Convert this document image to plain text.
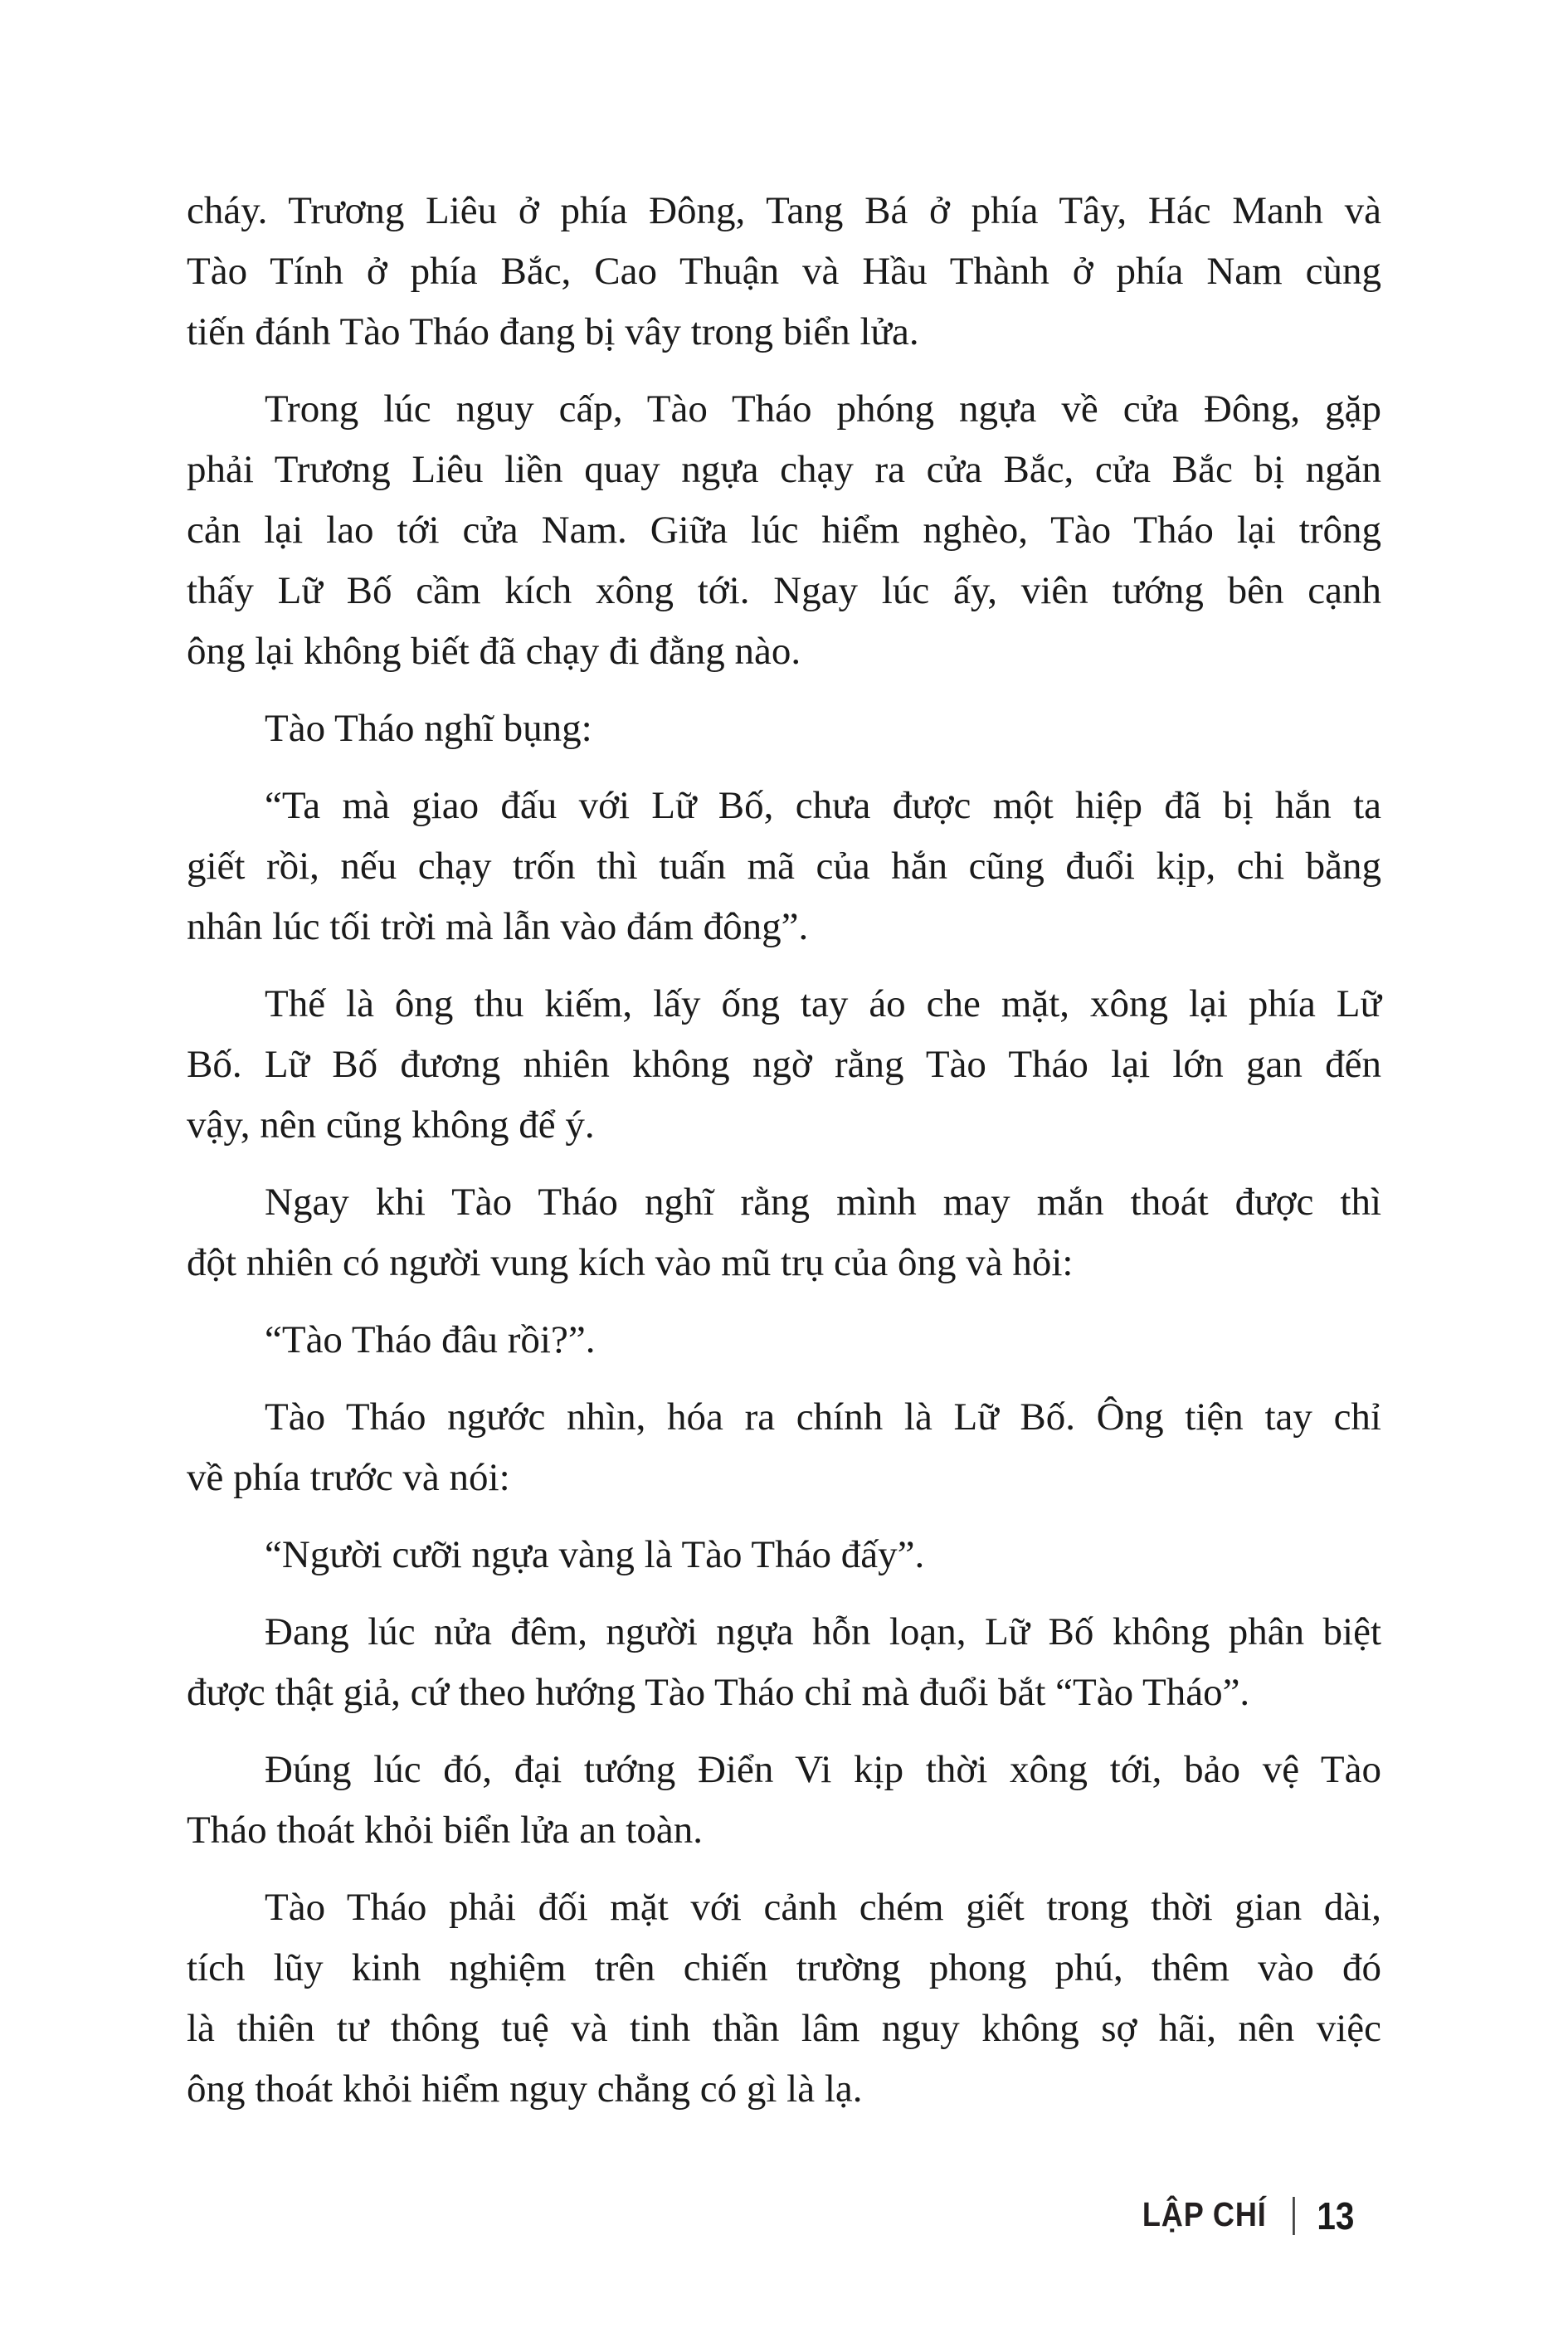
cháy. Trương Liêu ở phía Đông, Tang Bá ở phía Tây, Hác Manh và
Tào Tính ở phía Bắc, Cao Thuận và Hầu Thành ở phía Nam cùng
tiến đánh Tào Tháo đang bị vây trong biển lửa.

Trong lúc nguy cấp, Tào Tháo phóng ngựa về cửa Đông, gặp
phải Trương Liêu liền quay ngựa chạy ra cửa Bắc, cửa Bắc bị ngăn
cản lại lao tới cửa Nam. Giữa lúc hiểm nghèo, Tào Tháo lại trông
thấy Lữ Bố cầm kích xông tới. Ngay lúc ấy, viên tướng bên cạnh
ông lại không biết đã chạy đi đằng nào.

Tào Tháo nghĩ bụng:

“Ta mà giao đấu với Lữ Bố, chưa được một hiệp đã bị hắn ta
giết rồi, nếu chạy trốn thì tuấn mã của hắn cũng đuổi kịp, chi bằng
nhân lúc tối trời mà lẫn vào đám đông”.

Thế là ông thu kiếm, lấy ống tay áo che mặt, xông lại phía Lữ
Bố. Lữ Bố đương nhiên không ngờ rằng Tào Tháo lại lớn gan đến
vậy, nên cũng không để ý.

Ngay khi Tào Tháo nghĩ rằng mình may mắn thoát được thì
đột nhiên có người vung kích vào mũ trụ của ông và hỏi:

“Tào Tháo đâu rồi?”.

Tào Tháo ngước nhìn, hóa ra chính là Lữ Bố. Ông tiện tay chỉ
về phía trước và nói:

“Người cưỡi ngựa vàng là Tào Tháo đấy”.

Đang lúc nửa đêm, người ngựa hỗn loạn, Lữ Bố không phân biệt
được thật giả, cứ theo hướng Tào Tháo chỉ mà đuổi bắt “Tào Tháo”.

Đúng lúc đó, đại tướng Điển Vi kịp thời xông tới, bảo vệ Tào
Tháo thoát khỏi biển lửa an toàn.

Tào Tháo phải đối mặt với cảnh chém giết trong thời gian dài,
tích lũy kinh nghiệm trên chiến trường phong phú, thêm vào đó
là thiên tư thông tuệ và tinh thần lâm nguy không sợ hãi, nên việc
ông thoát khỏi hiểm nguy chẳng có gì là lạ.

LẬP CHÍ 13
